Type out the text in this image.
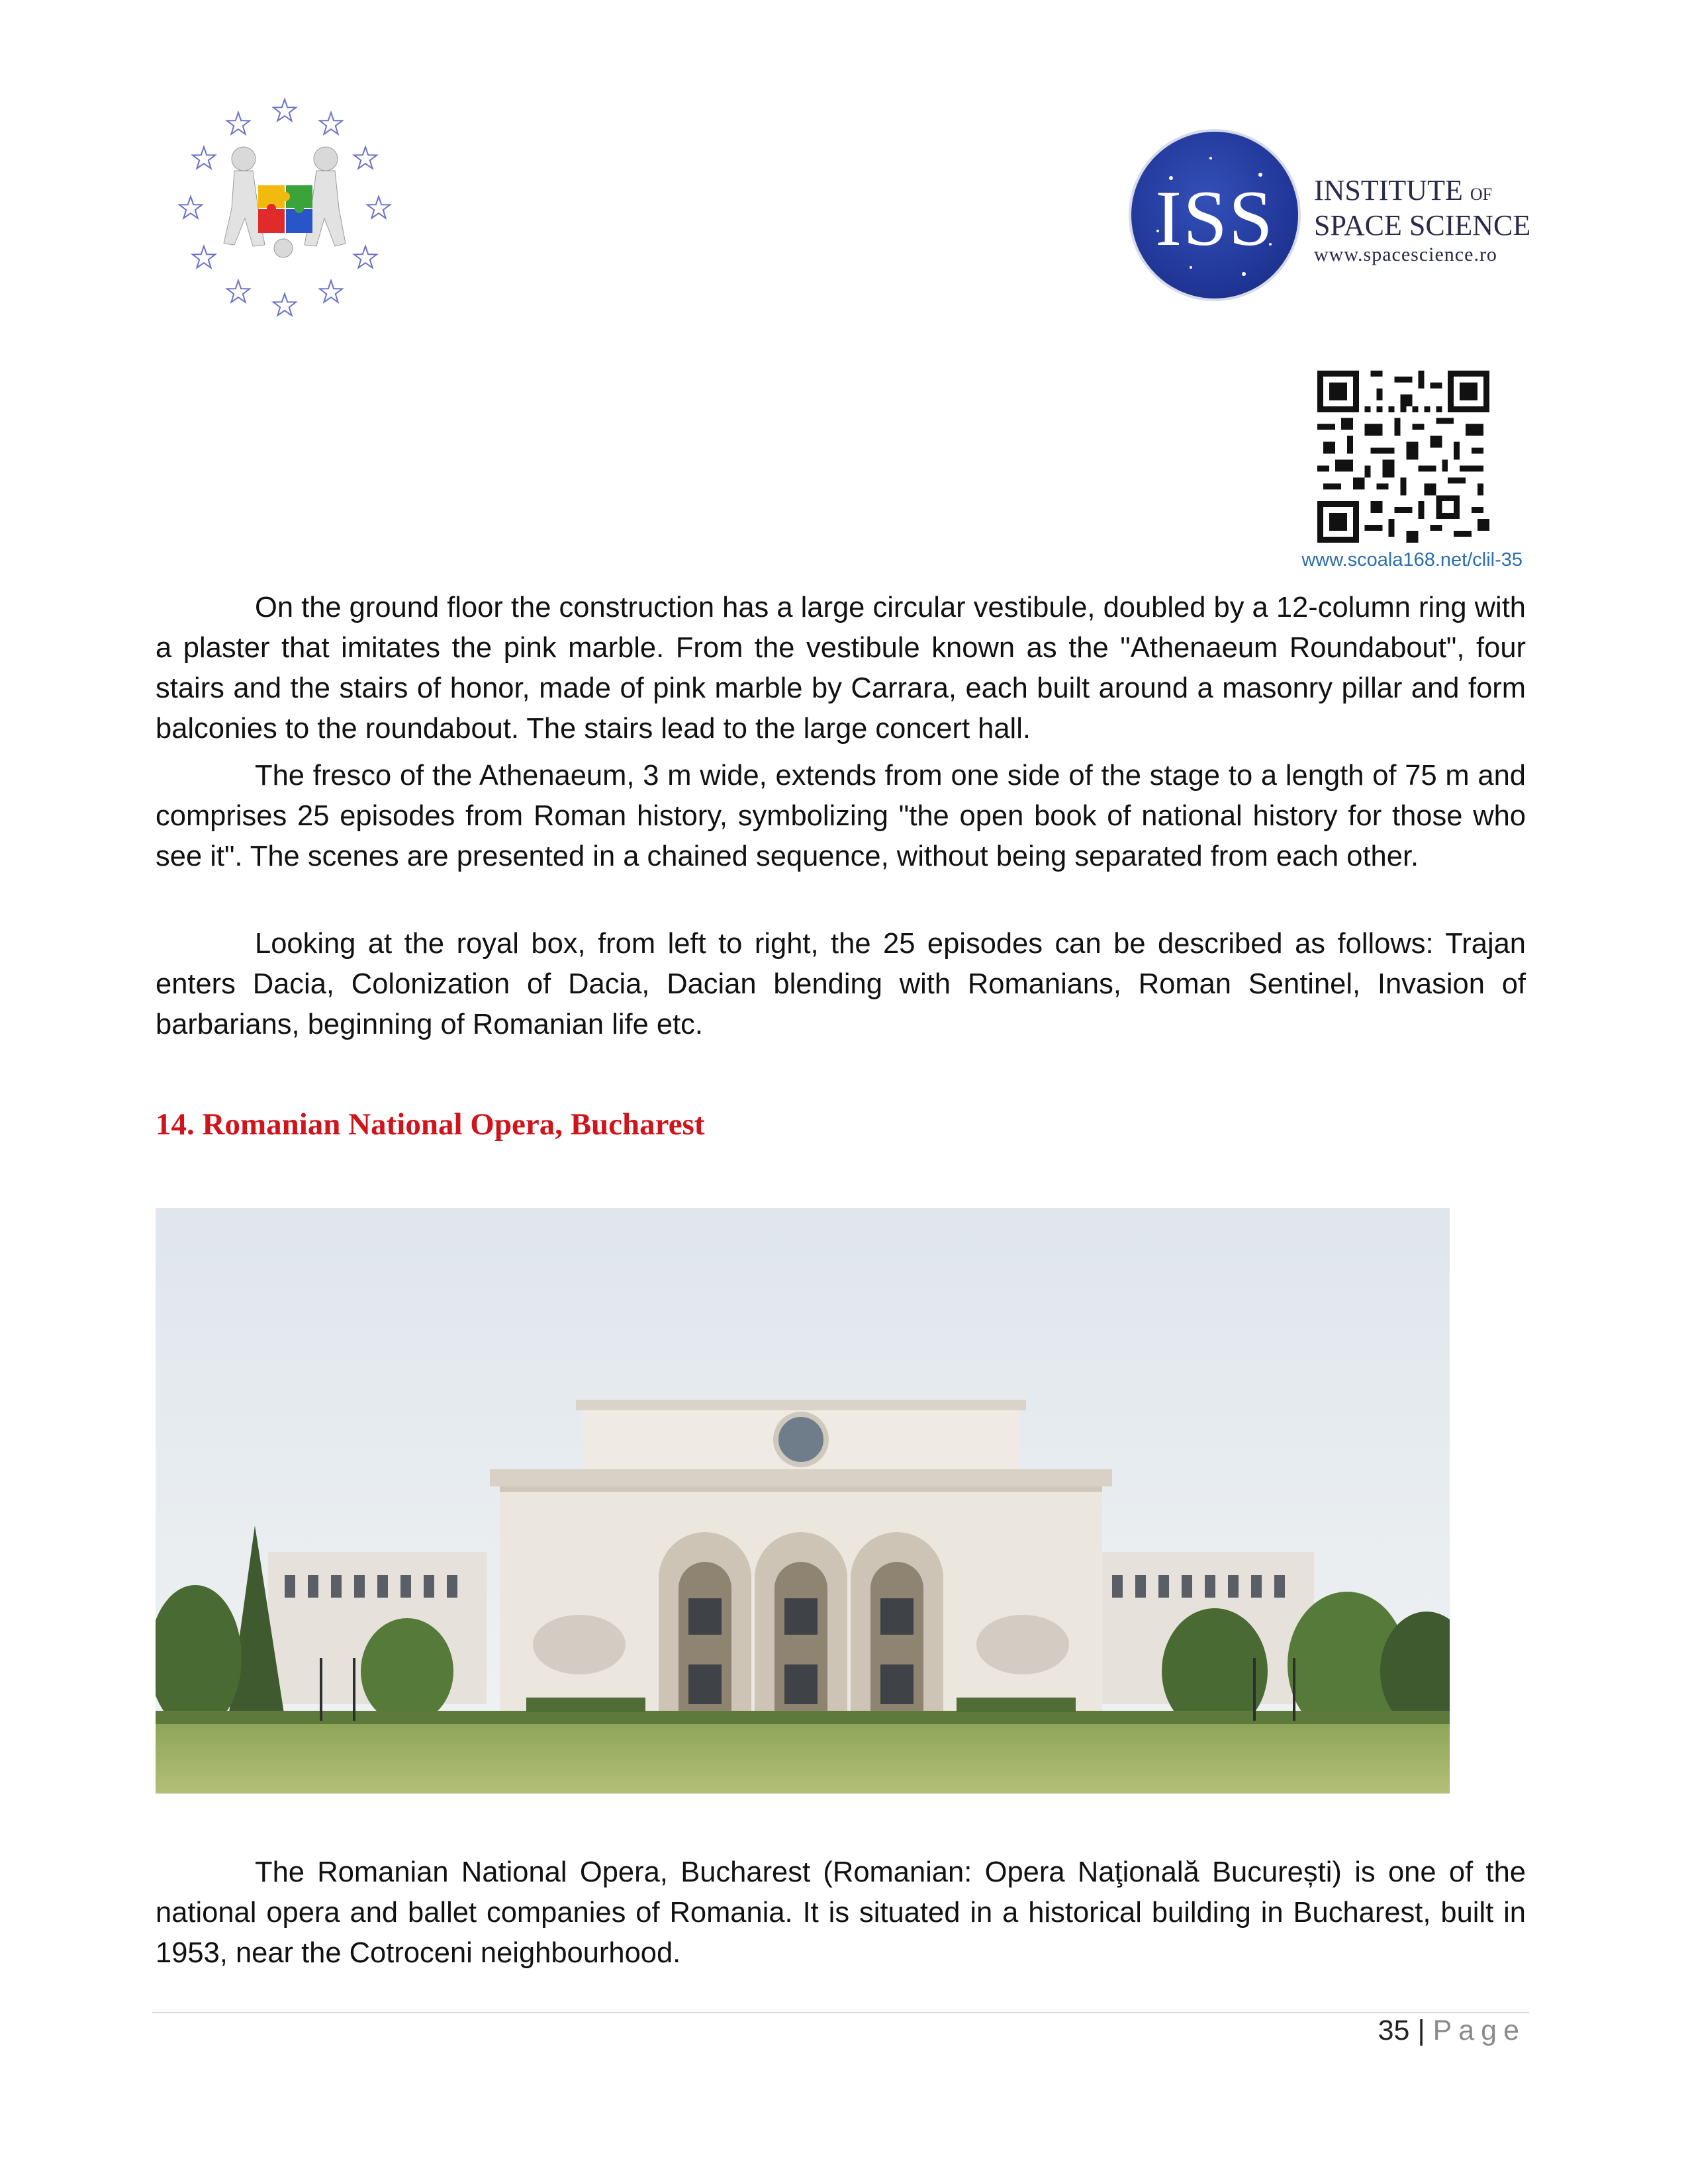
ISS	INSTITUTE OF
SPACE SCIENCE
www.spacescience.ro
www.scoala168.net/clil-35

On the ground floor the construction has a large circular vestibule, doubled by a 12-column ring with a plaster that imitates the pink marble. From the vestibule known as the "Athenaeum Roundabout", four stairs and the stairs of honor, made of pink marble by Carrara, each built around a masonry pillar and form balconies to the roundabout. The stairs lead to the large concert hall.

The fresco of the Athenaeum, 3 m wide, extends from one side of the stage to a length of 75 m and comprises 25 episodes from Roman history, symbolizing "the open book of national history for those who see it". The scenes are presented in a chained sequence, without being separated from each other.

Looking at the royal box, from left to right, the 25 episodes can be described as follows: Trajan enters Dacia, Colonization of Dacia, Dacian blending with Romanians, Roman Sentinel, Invasion of barbarians, beginning of Romanian life etc.

14. Romanian National Opera, Bucharest

The Romanian National Opera, Bucharest (Romanian: Opera Naţională București) is one of the national opera and ballet companies of Romania. It is situated in a historical building in Bucharest, built in 1953, near the Cotroceni neighbourhood.

35 | Page
